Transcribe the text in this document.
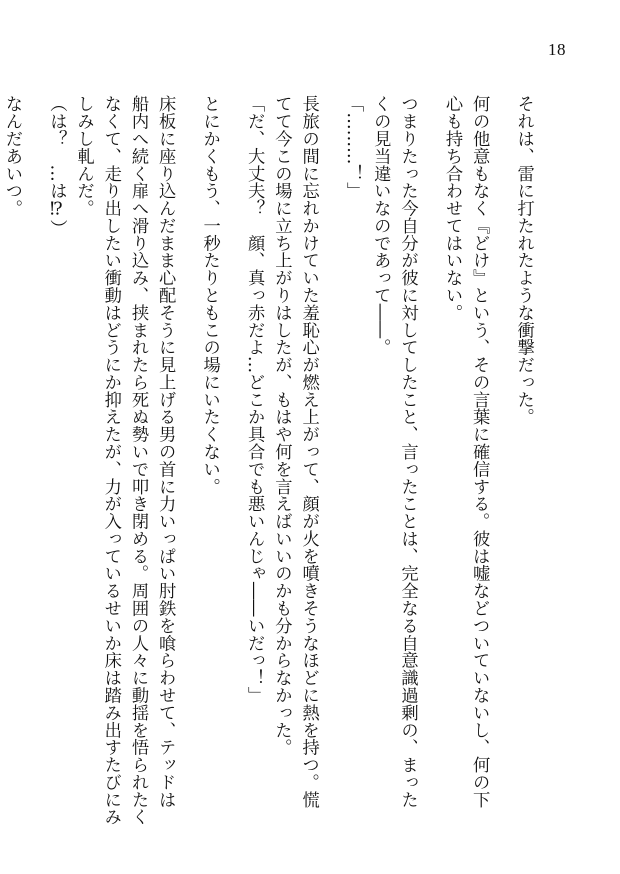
18
それは、雷に打たれたような衝撃だった。
何の他意もなく『どけ』という、その言葉に確信する。彼は嘘などついていないし、何の下
心も持ち合わせてはいない。
つまりたった今自分が彼に対してしたこと、言ったことは、完全なる自意識過剰の、まった
くの見当違いなのであって――。
「………！」
長旅の間に忘れかけていた羞恥心が燃え上がって、顔が火を噴きそうなほどに熱を持つ。慌
てて今この場に立ち上がりはしたが、もはや何を言えばいいのかも分からなかった。
「だ、大丈夫？　顔、真っ赤だよ…どこか具合でも悪いんじゃ――いだっ！」
とにかくもう、一秒たりともこの場にいたくない。
床板に座り込んだまま心配そうに見上げる男の首に力いっぱい肘鉄を喰らわせて、テッドは
船内へ続く扉へ滑り込み、挟まれたら死ぬ勢いで叩き閉める。周囲の人々に動揺を悟られたく
なくて、走り出したい衝動はどうにか抑えたが、力が入っているせいか床は踏み出すたびにみ
しみし軋んだ。
（は？　…は⁉）
なんだあいつ。
